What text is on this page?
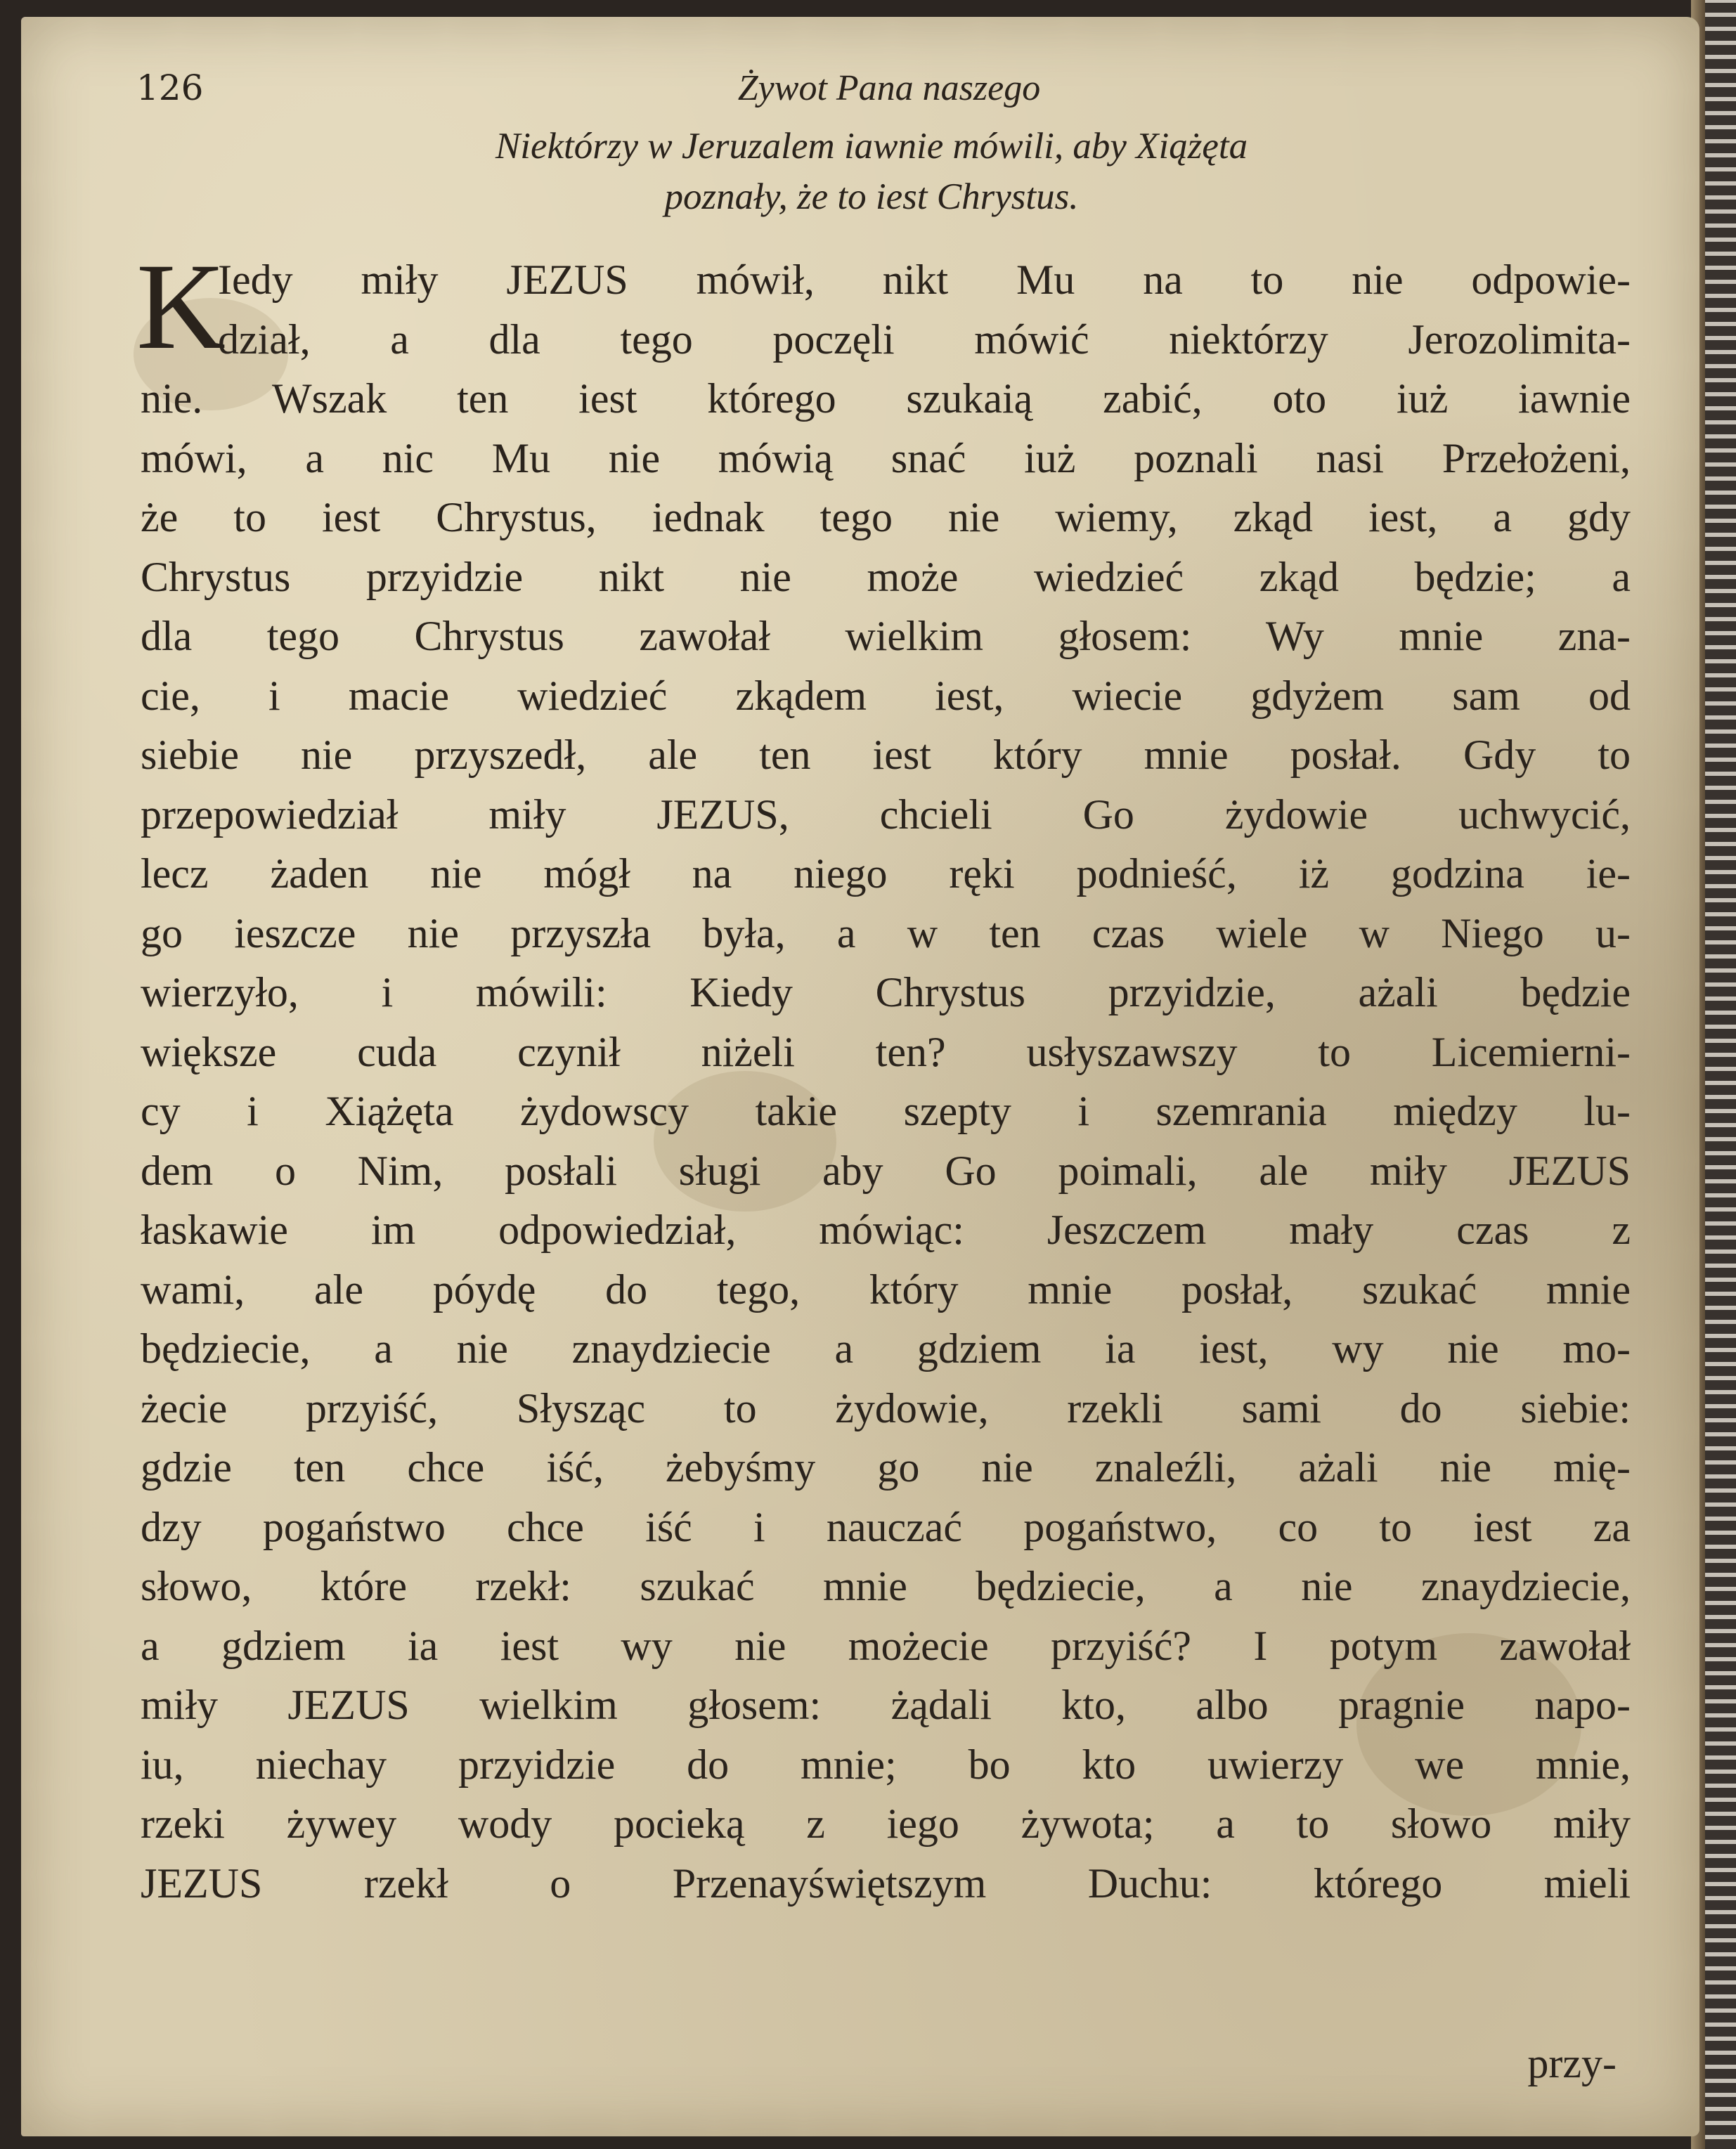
126	Żywot Pana naszego
Niektórzy w Jeruzalem iawnie mówili, aby Xiążęta
poznały, że to iest Chrystus.
K
Iedy miły JEZUS mówił, nikt Mu na to nie odpowie-
dział, a dla tego poczęli mówić niektórzy Jerozolimita-
nie. Wszak ten iest którego szukaią zabić, oto iuż iawnie
mówi, a nic Mu nie mówią snać iuż poznali nasi Przełożeni,
że to iest Chrystus, iednak tego nie wiemy, zkąd iest, a gdy
Chrystus przyidzie nikt nie może wiedzieć zkąd będzie; a
dla tego Chrystus zawołał wielkim głosem: Wy mnie zna-
cie, i macie wiedzieć zkądem iest, wiecie gdyżem sam od
siebie nie przyszedł, ale ten iest który mnie posłał. Gdy to
przepowiedział miły JEZUS, chcieli Go żydowie uchwycić,
lecz żaden nie mógł na niego ręki podnieść, iż godzina ie-
go ieszcze nie przyszła była, a w ten czas wiele w Niego u-
wierzyło, i mówili: Kiedy Chrystus przyidzie, ażali będzie
większe cuda czynił niżeli ten? usłyszawszy to Licemierni-
cy i Xiążęta żydowscy takie szepty i szemrania między lu-
dem o Nim, posłali sługi aby Go poimali, ale miły JEZUS
łaskawie im odpowiedział, mówiąc: Jeszczem mały czas z
wami, ale póydę do tego, który mnie posłał, szukać mnie
będziecie, a nie znaydziecie a gdziem ia iest, wy nie mo-
żecie przyiść, Słysząc to żydowie, rzekli sami do siebie:
gdzie ten chce iść, żebyśmy go nie znaleźli, ażali nie mię-
dzy pogaństwo chce iść i nauczać pogaństwo, co to iest za
słowo, które rzekł: szukać mnie będziecie, a nie znaydziecie,
a gdziem ia iest wy nie możecie przyiść? I potym zawołał
miły JEZUS wielkim głosem: żądali kto, albo pragnie napo-
iu, niechay przyidzie do mnie; bo kto uwierzy we mnie,
rzeki żywey wody pocieką z iego żywota; a to słowo miły
JEZUS rzekł o Przenayświętszym Duchu: którego mieli
przy-
